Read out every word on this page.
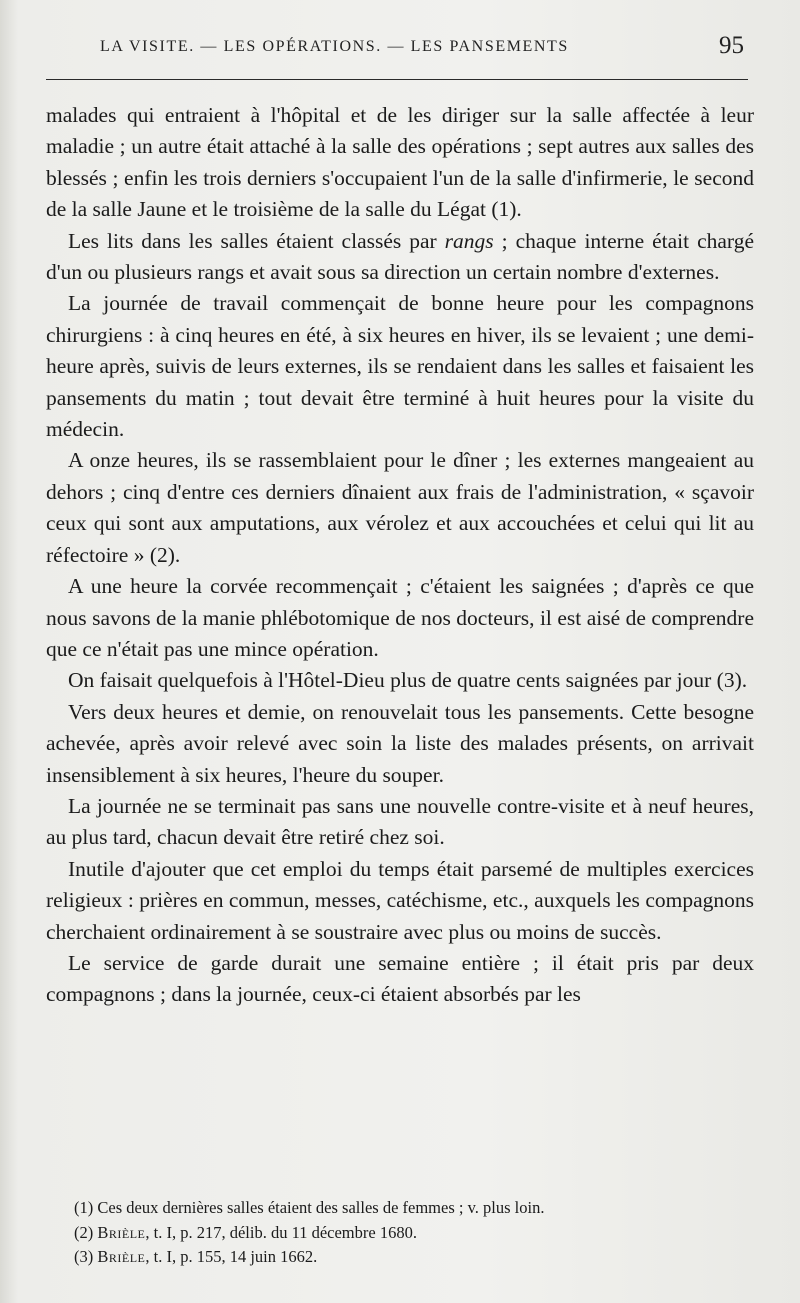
LA VISITE. — LES OPÉRATIONS. — LES PANSEMENTS	95

malades qui entraient à l'hôpital et de les diriger sur la salle affectée à leur maladie ; un autre était attaché à la salle des opérations ; sept autres aux salles des blessés ; enfin les trois derniers s'occupaient l'un de la salle d'infirmerie, le second de la salle Jaune et le troisième de la salle du Légat (1).

Les lits dans les salles étaient classés par rangs ; chaque interne était chargé d'un ou plusieurs rangs et avait sous sa direction un certain nombre d'externes.

La journée de travail commençait de bonne heure pour les compagnons chirurgiens : à cinq heures en été, à six heures en hiver, ils se levaient ; une demi-heure après, suivis de leurs externes, ils se rendaient dans les salles et faisaient les pansements du matin ; tout devait être terminé à huit heures pour la visite du médecin.

A onze heures, ils se rassemblaient pour le dîner ; les externes mangeaient au dehors ; cinq d'entre ces derniers dînaient aux frais de l'administration, « sçavoir ceux qui sont aux amputations, aux vérolez et aux accouchées et celui qui lit au réfectoire » (2).

A une heure la corvée recommençait ; c'étaient les saignées ; d'après ce que nous savons de la manie phlébotomique de nos docteurs, il est aisé de comprendre que ce n'était pas une mince opération.

On faisait quelquefois à l'Hôtel-Dieu plus de quatre cents saignées par jour (3).

Vers deux heures et demie, on renouvelait tous les pansements. Cette besogne achevée, après avoir relevé avec soin la liste des malades présents, on arrivait insensiblement à six heures, l'heure du souper.

La journée ne se terminait pas sans une nouvelle contre-visite et à neuf heures, au plus tard, chacun devait être retiré chez soi.

Inutile d'ajouter que cet emploi du temps était parsemé de multiples exercices religieux : prières en commun, messes, catéchisme, etc., auxquels les compagnons cherchaient ordinairement à se soustraire avec plus ou moins de succès.

Le service de garde durait une semaine entière ; il était pris par deux compagnons ; dans la journée, ceux-ci étaient absorbés par les

(1) Ces deux dernières salles étaient des salles de femmes ; v. plus loin.
(2) Brièle, t. I, p. 217, délib. du 11 décembre 1680.
(3) Brièle, t. I, p. 155, 14 juin 1662.
